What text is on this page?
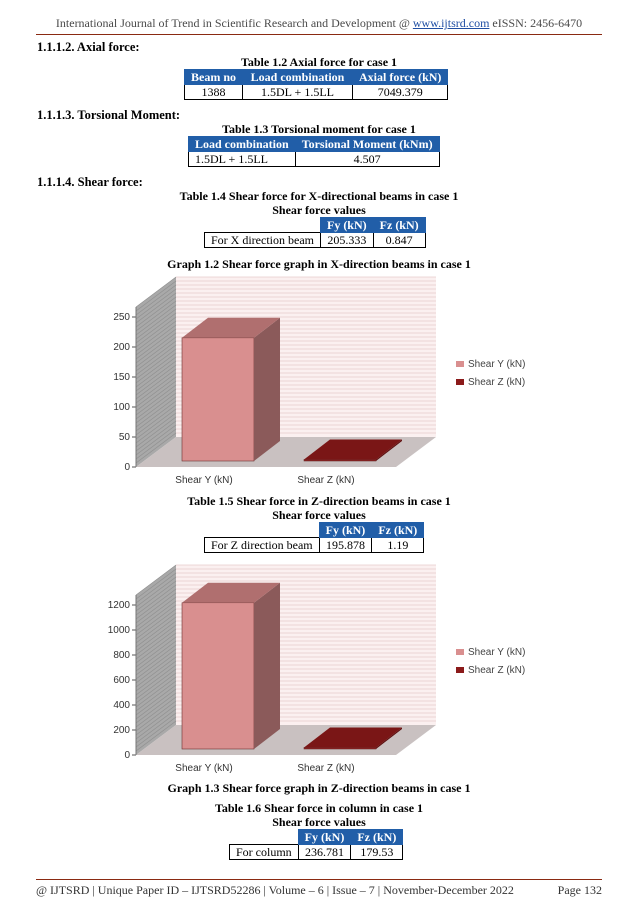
International Journal of Trend in Scientific Research and Development @ www.ijtsrd.com eISSN: 2456-6470
1.1.1.2. Axial force:
Table 1.2 Axial force for case 1
Beam no	Load combination	Axial force (kN)
1388	1.5DL + 1.5LL	7049.379
1.1.1.3. Torsional Moment:
Table 1.3 Torsional moment for case 1
Load combination	Torsional Moment (kNm)
1.5DL + 1.5LL	4.507
1.1.1.4. Shear force:
Table 1.4 Shear force for X-directional beams in case 1
Shear force values
	Fy (kN)	Fz (kN)
For X direction beam	205.333	0.847
Graph 1.2 Shear force graph in X-direction beams in case 1
0
50
100
150
200
250
Shear Y (kN)	Shear Z (kN)
Shear Y (kN)
Shear Z (kN)
Table 1.5 Shear force in Z-direction beams in case 1
Shear force values
	Fy (kN)	Fz (kN)
For Z direction beam	195.878	1.19
0
200
400
600
800
1000
1200
Shear Y (kN)	Shear Z (kN)
Shear Y (kN)
Shear Z (kN)
Graph 1.3 Shear force graph in Z-direction beams in case 1
Table 1.6 Shear force in column in case 1
Shear force values
	Fy (kN)	Fz (kN)
For column	236.781	179.53
@ IJTSRD | Unique Paper ID – IJTSRD52286 | Volume – 6 | Issue – 7 | November-December 2022	Page 132
